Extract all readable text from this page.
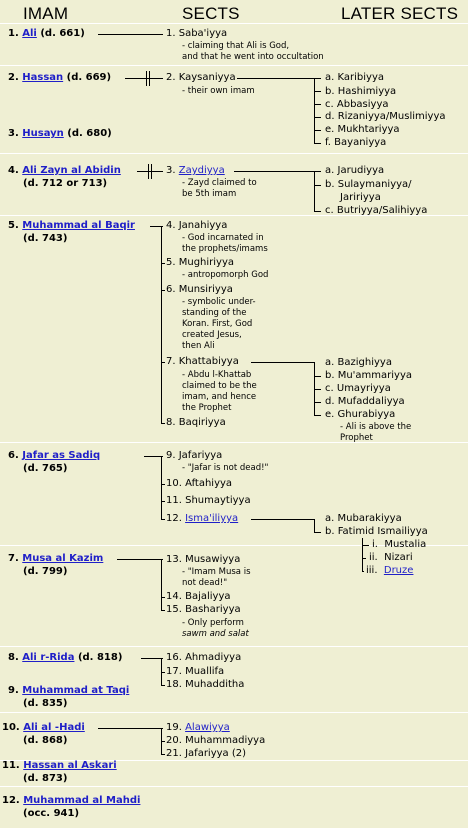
IMAM	SECTS	LATER SECTS
1. Ali (d. 661)
2. Hassan (d. 669)
3. Husayn (d. 680)
4. Ali Zayn al Abidin
(d. 712 or 713)
5. Muhammad al Baqir
(d. 743)
6. Jafar as Sadiq
(d. 765)
7. Musa al Kazim
(d. 799)
8. Ali r-Rida (d. 818)
9. Muhammad at Taqi
(d. 835)
10. Ali al -Hadi
(d. 868)
11. Hassan al Askari
(d. 873)
12. Muhammad al Mahdi
(occ. 941)
1. Saba'iyya
- claiming that Ali is God,
and that he went into occultation
2. Kaysaniyya
- their own imam
3. Zaydiyya
- Zayd claimed to
be 5th imam
4. Janahiyya
- God incarnated in
the prophets/imams
5. Mughiriyya
- antropomorph God
6. Munsiriyya
- symbolic under-
standing of the
Koran. First, God
created Jesus,
then Ali
7. Khattabiyya
- Abdu l-Khattab
claimed to be the
imam, and hence
the Prophet
8. Baqiriyya
9. Jafariyya
- "Jafar is not dead!"
10. Aftahiyya
11. Shumaytiyya
12. Isma'iliyya
13. Musawiyya
- "Imam Musa is
not dead!"
14. Bajaliyya
15. Bashariyya
- Only perform
sawm and salat
16. Ahmadiyya
17. Muallifa
18. Muhadditha
19. Alawiyya
20. Muhammadiyya
21. Jafariyya (2)
a. Karibiyya
b. Hashimiyya
c. Abbasiyya
d. Rizaniyya/Muslimiyya
e. Mukhtariyya
f. Bayaniyya
a. Jarudiyya
b. Sulaymaniyya/
Jaririyya
c. Butriyya/Salihiyya
a. Bazighiyya
b. Mu'ammariyya
c. Umayriyya
d. Mufaddaliyya
e. Ghurabiyya
- Ali is above the
Prophet
a. Mubarakiyya
b. Fatimid Ismailiyya
i. Mustalia
ii. Nizari
iii. Druze
